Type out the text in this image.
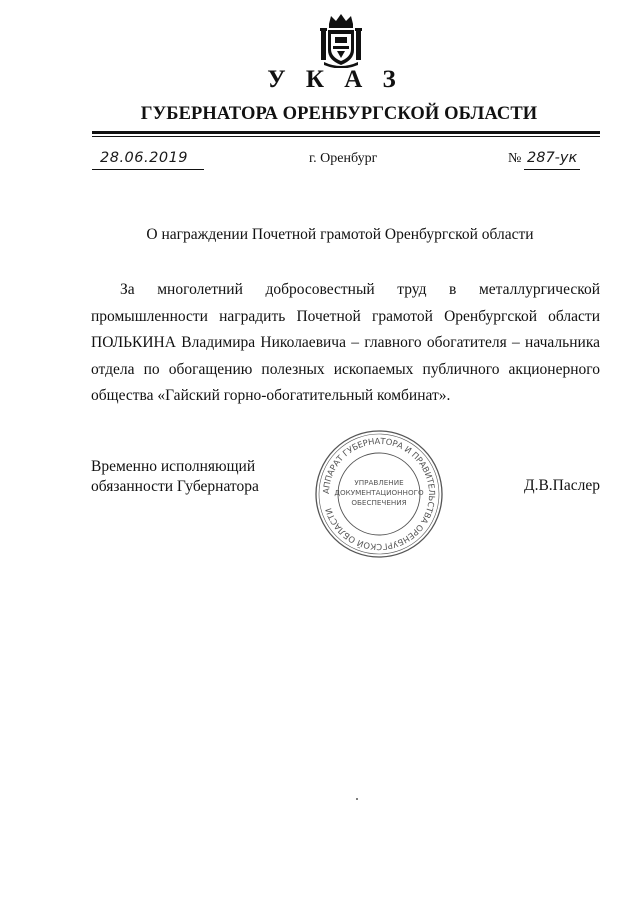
У К А З
ГУБЕРНАТОРА ОРЕНБУРГСКОЙ ОБЛАСТИ
28.06.2019	г. Оренбург	№ 287-ук
О награждении Почетной грамотой Оренбургской области
За многолетний добросовестный труд в металлургической промышленности наградить Почетной грамотой Оренбургской области ПОЛЬКИНА Владимира Николаевича – главного обогатителя – начальника отдела по обогащению полезных ископаемых публичного акционерного общества «Гайский горно-обогатительный комбинат».
Временно исполняющий
обязанности Губернатора	Д.В.Паслер
АППАРАТ ГУБЕРНАТОРА И ПРАВИТЕЛЬСТВА ОРЕНБУРГСКОЙ ОБЛАСТИ
УПРАВЛЕНИЕ
ДОКУМЕНТАЦИОННОГО
ОБЕСПЕЧЕНИЯ
